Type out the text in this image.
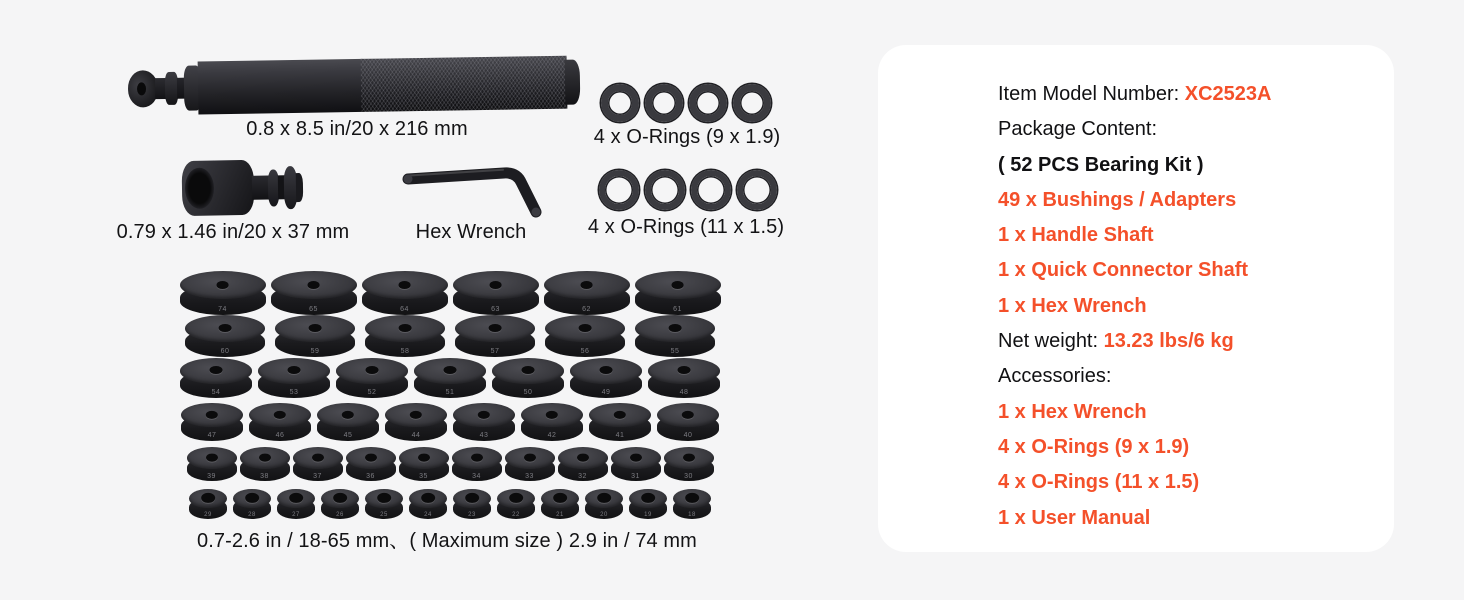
0.8 x 8.5 in/20 x 216 mm	4 x O-Rings (9 x 1.9)
4 x O-Rings (11 x 1.5)
0.79 x 1.46 in/20 x 37 mm	Hex Wrench
74	65	64	63	62	61
60	59	58	57	56	55
54	53	52	51	50	49	48
47	46	45	44	43	42	41	40
39	38	37	36	35	34	33	32	31	30
29	28	27	26	25	24	23	22	21	20	19	18
0.7-2.6 in / 18-65 mm、( Maximum size ) 2.9 in / 74 mm
Item Model Number: XC2523A
Package Content:
( 52 PCS Bearing Kit )
49 x Bushings / Adapters
1 x Handle Shaft
1 x Quick Connector Shaft
1 x Hex Wrench
Net weight: 13.23 lbs/6 kg
Accessories:
1 x Hex Wrench
4 x O-Rings (9 x 1.9)
4 x O-Rings (11 x 1.5)
1 x User Manual
